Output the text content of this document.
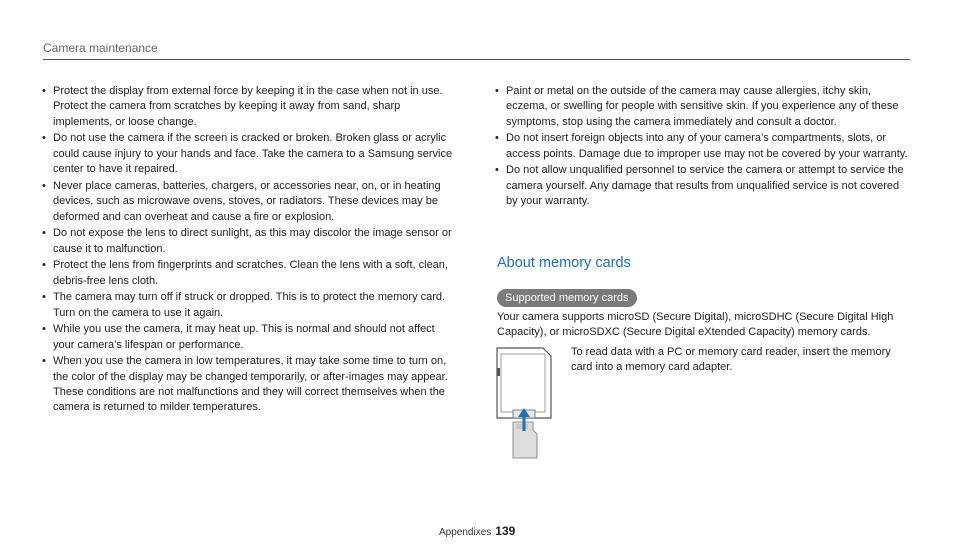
Camera maintenance
• Protect the display from external force by keeping it in the case when not in use. Protect the camera from scratches by keeping it away from sand, sharp implements, or loose change.
• Do not use the camera if the screen is cracked or broken. Broken glass or acrylic could cause injury to your hands and face. Take the camera to a Samsung service center to have it repaired.
• Never place cameras, batteries, chargers, or accessories near, on, or in heating devices, such as microwave ovens, stoves, or radiators. These devices may be deformed and can overheat and cause a fire or explosion.
• Do not expose the lens to direct sunlight, as this may discolor the image sensor or cause it to malfunction.
• Protect the lens from fingerprints and scratches. Clean the lens with a soft, clean, debris-free lens cloth.
• The camera may turn off if struck or dropped. This is to protect the memory card. Turn on the camera to use it again.
• While you use the camera, it may heat up. This is normal and should not affect your camera’s lifespan or performance.
• When you use the camera in low temperatures, it may take some time to turn on, the color of the display may be changed temporarily, or after-images may appear. These conditions are not malfunctions and they will correct themselves when the camera is returned to milder temperatures.
• Paint or metal on the outside of the camera may cause allergies, itchy skin, eczema, or swelling for people with sensitive skin. If you experience any of these symptoms, stop using the camera immediately and consult a doctor.
• Do not insert foreign objects into any of your camera’s compartments, slots, or access points. Damage due to improper use may not be covered by your warranty.
• Do not allow unqualified personnel to service the camera or attempt to service the camera yourself. Any damage that results from unqualified service is not covered by your warranty.
About memory cards
Supported memory cards

Your camera supports microSD (Secure Digital), microSDHC (Secure Digital High Capacity), or microSDXC (Secure Digital eXtended Capacity) memory cards.

To read data with a PC or memory card reader, insert the memory card into a memory card adapter.

Appendixes 139
